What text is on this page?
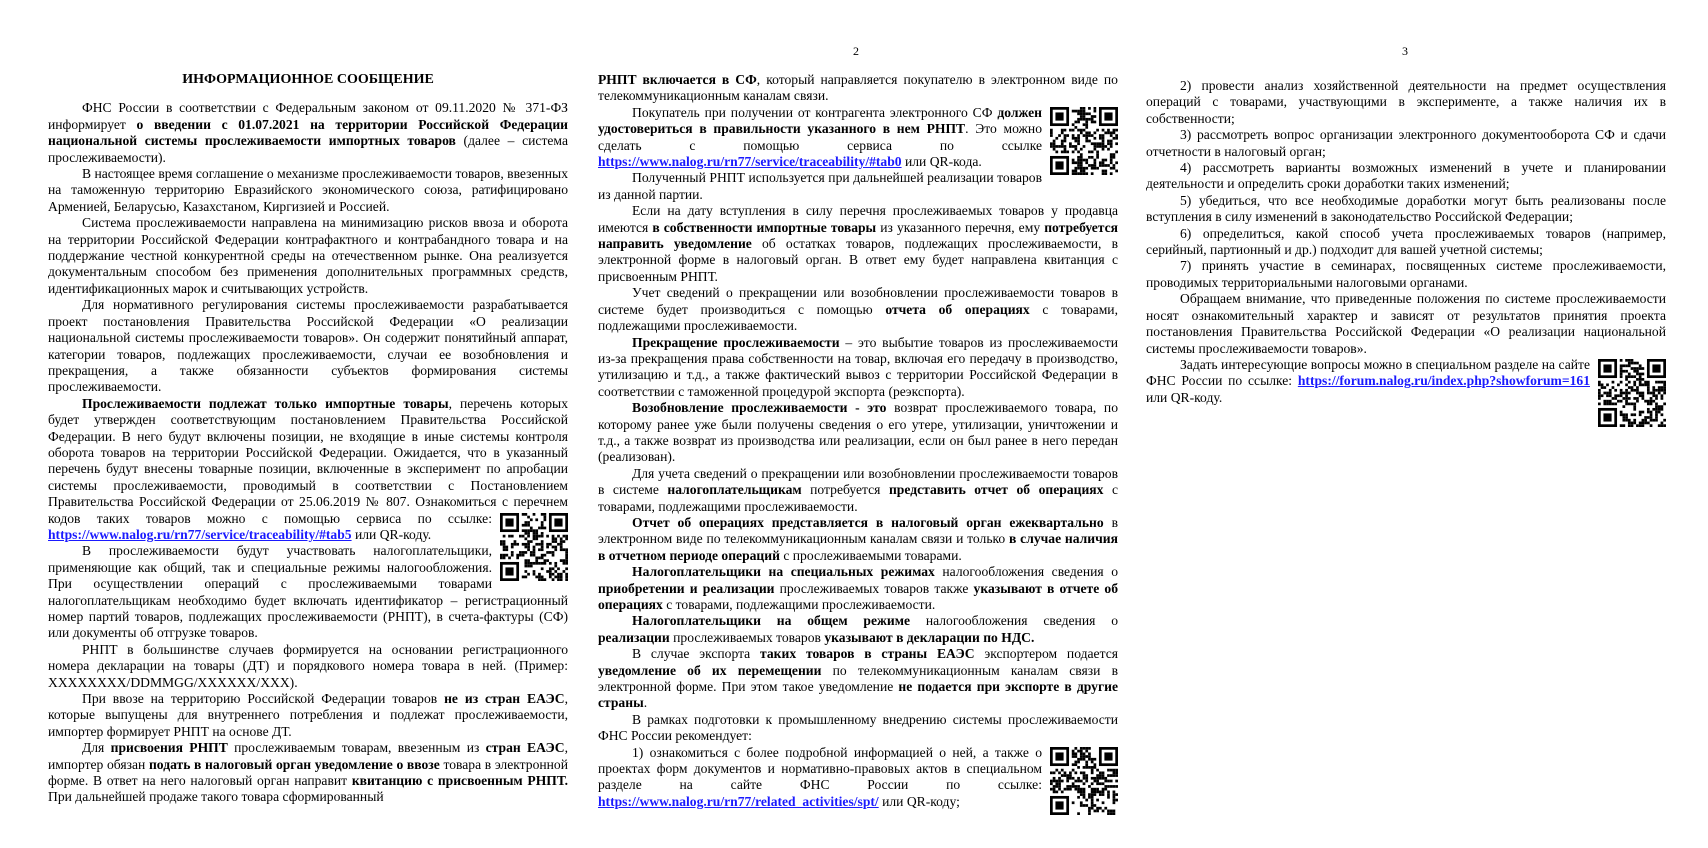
ИНФОРМАЦИОННОЕ СООБЩЕНИЕ

ФНС России в соответствии с Федеральным законом от 09.11.2020 № 371-ФЗ информирует о введении с 01.07.2021 на территории Российской Федерации национальной системы прослеживаемости импортных товаров (далее – система прослеживаемости).

В настоящее время соглашение о механизме прослеживаемости товаров, ввезенных на таможенную территорию Евразийского экономического союза, ратифицировано Арменией, Беларусью, Казахстаном, Киргизией и Россией.

Система прослеживаемости направлена на минимизацию рисков ввоза и оборота на территории Российской Федерации контрафактного и контрабандного товара и на поддержание честной конкурентной среды на отечественном рынке. Она реализуется документальным способом без применения дополнительных программных средств, идентификационных марок и считывающих устройств.

Для нормативного регулирования системы прослеживаемости разрабатывается проект постановления Правительства Российской Федерации «О реализации национальной системы прослеживаемости товаров». Он содержит понятийный аппарат, категории товаров, подлежащих прослеживаемости, случаи ее возобновления и прекращения, а также обязанности субъектов формирования системы прослеживаемости.

Прослеживаемости подлежат только импортные товары, перечень которых будет утвержден соответствующим постановлением Правительства Российской Федерации. В него будут включены позиции, не входящие в иные системы контроля оборота товаров на территории Российской Федерации. Ожидается, что в указанный перечень будут внесены товарные позиции, включенные в эксперимент по апробации системы прослеживаемости, проводимый в соответствии с Постановлением Правительства Российской Федерации от 25.06.2019 № 807. Ознакомиться с перечнем кодов таких товаров можно с помощью сервиса по ссылке:
https://www.nalog.ru/rn77/service/traceability/#tab5 или QR-коду.

В прослеживаемости будут участвовать налогоплательщики, применяющие как общий, так и специальные режимы налогообложения. При осуществлении операций с прослеживаемыми товарами налогоплательщикам необходимо будет включать идентификатор – регистрационный номер партий товаров, подлежащих прослеживаемости (РНПТ), в счета-фактуры (СФ) или документы об отгрузке товаров.

РНПТ в большинстве случаев формируется на основании регистрационного номера декларации на товары (ДТ) и порядкового номера товара в ней. (Пример: XXXXXXXX/DDMMGG/XXXXXX/XXX).

При ввозе на территорию Российской Федерации товаров не из стран ЕАЭС, которые выпущены для внутреннего потребления и подлежат прослеживаемости, импортер формирует РНПТ на основе ДТ.

Для присвоения РНПТ прослеживаемым товарам, ввезенным из стран ЕАЭС, импортер обязан подать в налоговый орган уведомление о ввозе товара в электронной форме. В ответ на него налоговый орган направит квитанцию с присвоенным РНПТ. При дальнейшей продаже такого товара сформированный

2

РНПТ включается в СФ, который направляется покупателю в электронном виде по телекоммуникационным каналам связи.

Покупатель при получении от контрагента электронного СФ должен удостовериться в правильности указанного в нем РНПТ. Это можно сделать с помощью сервиса по ссылке https://www.nalog.ru/rn77/service/traceability/#tab0 или QR-кода.

Полученный РНПТ используется при дальнейшей реализации товаров из данной партии.

Если на дату вступления в силу перечня прослеживаемых товаров у продавца имеются в собственности импортные товары из указанного перечня, ему потребуется направить уведомление об остатках товаров, подлежащих прослеживаемости, в электронной форме в налоговый орган. В ответ ему будет направлена квитанция с присвоенным РНПТ.

Учет сведений о прекращении или возобновлении прослеживаемости товаров в системе будет производиться с помощью отчета об операциях с товарами, подлежащими прослеживаемости.

Прекращение прослеживаемости – это выбытие товаров из прослеживаемости из-за прекращения права собственности на товар, включая его передачу в производство, утилизацию и т.д., а также фактический вывоз с территории Российской Федерации в соответствии с таможенной процедурой экспорта (реэкспорта).

Возобновление прослеживаемости - это возврат прослеживаемого товара, по которому ранее уже были получены сведения о его утере, утилизации, уничтожении и т.д., а также возврат из производства или реализации, если он был ранее в него передан (реализован).

Для учета сведений о прекращении или возобновлении прослеживаемости товаров в системе налогоплательщикам потребуется представить отчет об операциях с товарами, подлежащими прослеживаемости.

Отчет об операциях представляется в налоговый орган ежеквартально в электронном виде по телекоммуникационным каналам связи и только в случае наличия в отчетном периоде операций с прослеживаемыми товарами.

Налогоплательщики на специальных режимах налогообложения сведения о приобретении и реализации прослеживаемых товаров также указывают в отчете об операциях с товарами, подлежащими прослеживаемости.

Налогоплательщики на общем режиме налогообложения сведения о реализации прослеживаемых товаров указывают в декларации по НДС.

В случае экспорта таких товаров в страны ЕАЭС экспортером подается уведомление об их перемещении по телекоммуникационным каналам связи в электронной форме. При этом такое уведомление не подается при экспорте в другие страны.

В рамках подготовки к промышленному внедрению системы прослеживаемости ФНС России рекомендует:

1) ознакомиться с более подробной информацией о ней, а также о проектах форм документов и нормативно-правовых актов в специальном разделе на сайте ФНС России по ссылке: https://www.nalog.ru/rn77/related_activities/spt/ или QR-коду;

3

2) провести анализ хозяйственной деятельности на предмет осуществления операций с товарами, участвующими в эксперименте, а также наличия их в собственности;

3) рассмотреть вопрос организации электронного документооборота СФ и сдачи отчетности в налоговый орган;

4) рассмотреть варианты возможных изменений в учете и планировании деятельности и определить сроки доработки таких изменений;

5) убедиться, что все необходимые доработки могут быть реализованы после вступления в силу изменений в законодательство Российской Федерации;

6) определиться, какой способ учета прослеживаемых товаров (например, серийный, партионный и др.) подходит для вашей учетной системы;

7) принять участие в семинарах, посвященных системе прослеживаемости, проводимых территориальными налоговыми органами.

Обращаем внимание, что приведенные положения по системе прослеживаемости носят ознакомительный характер и зависят от результатов принятия проекта постановления Правительства Российской Федерации «О реализации национальной системы прослеживаемости товаров».

Задать интересующие вопросы можно в специальном разделе на сайте ФНС России по ссылке: https://forum.nalog.ru/index.php?showforum=161 или QR-коду.
